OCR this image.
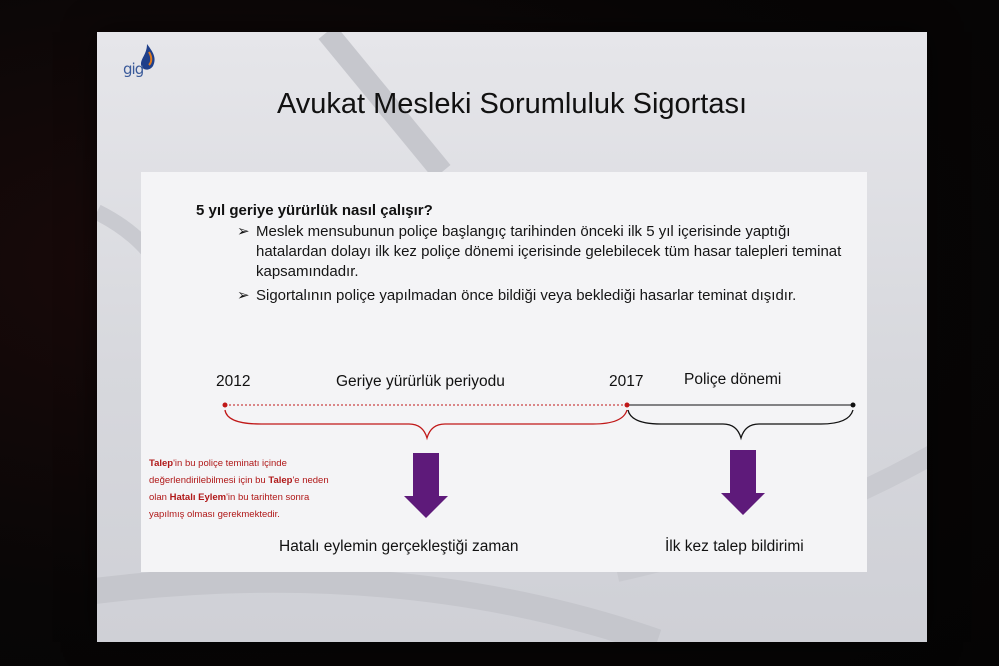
gig
Avukat Mesleki Sorumluluk Sigortası
5 yıl geriye yürürlük nasıl çalışır?
➢ Meslek mensubunun poliçe başlangıç tarihinden önceki ilk 5 yıl içerisinde yaptığı hatalardan dolayı ilk kez poliçe dönemi içerisinde gelebilecek tüm hasar talepleri teminat kapsamındadır.
➢ Sigortalının poliçe yapılmadan önce bildiği veya beklediği hasarlar teminat dışıdır.
2012	Geriye yürürlük periyodu	2017	Poliçe dönemi
Talep'in bu poliçe teminatı içinde değerlendirilebilmesi için bu Talep'e neden olan Hatalı Eylem'in bu tarihten sonra yapılmış olması gerekmektedir.
Hatalı eylemin gerçekleştiği zaman	İlk kez talep bildirimi
